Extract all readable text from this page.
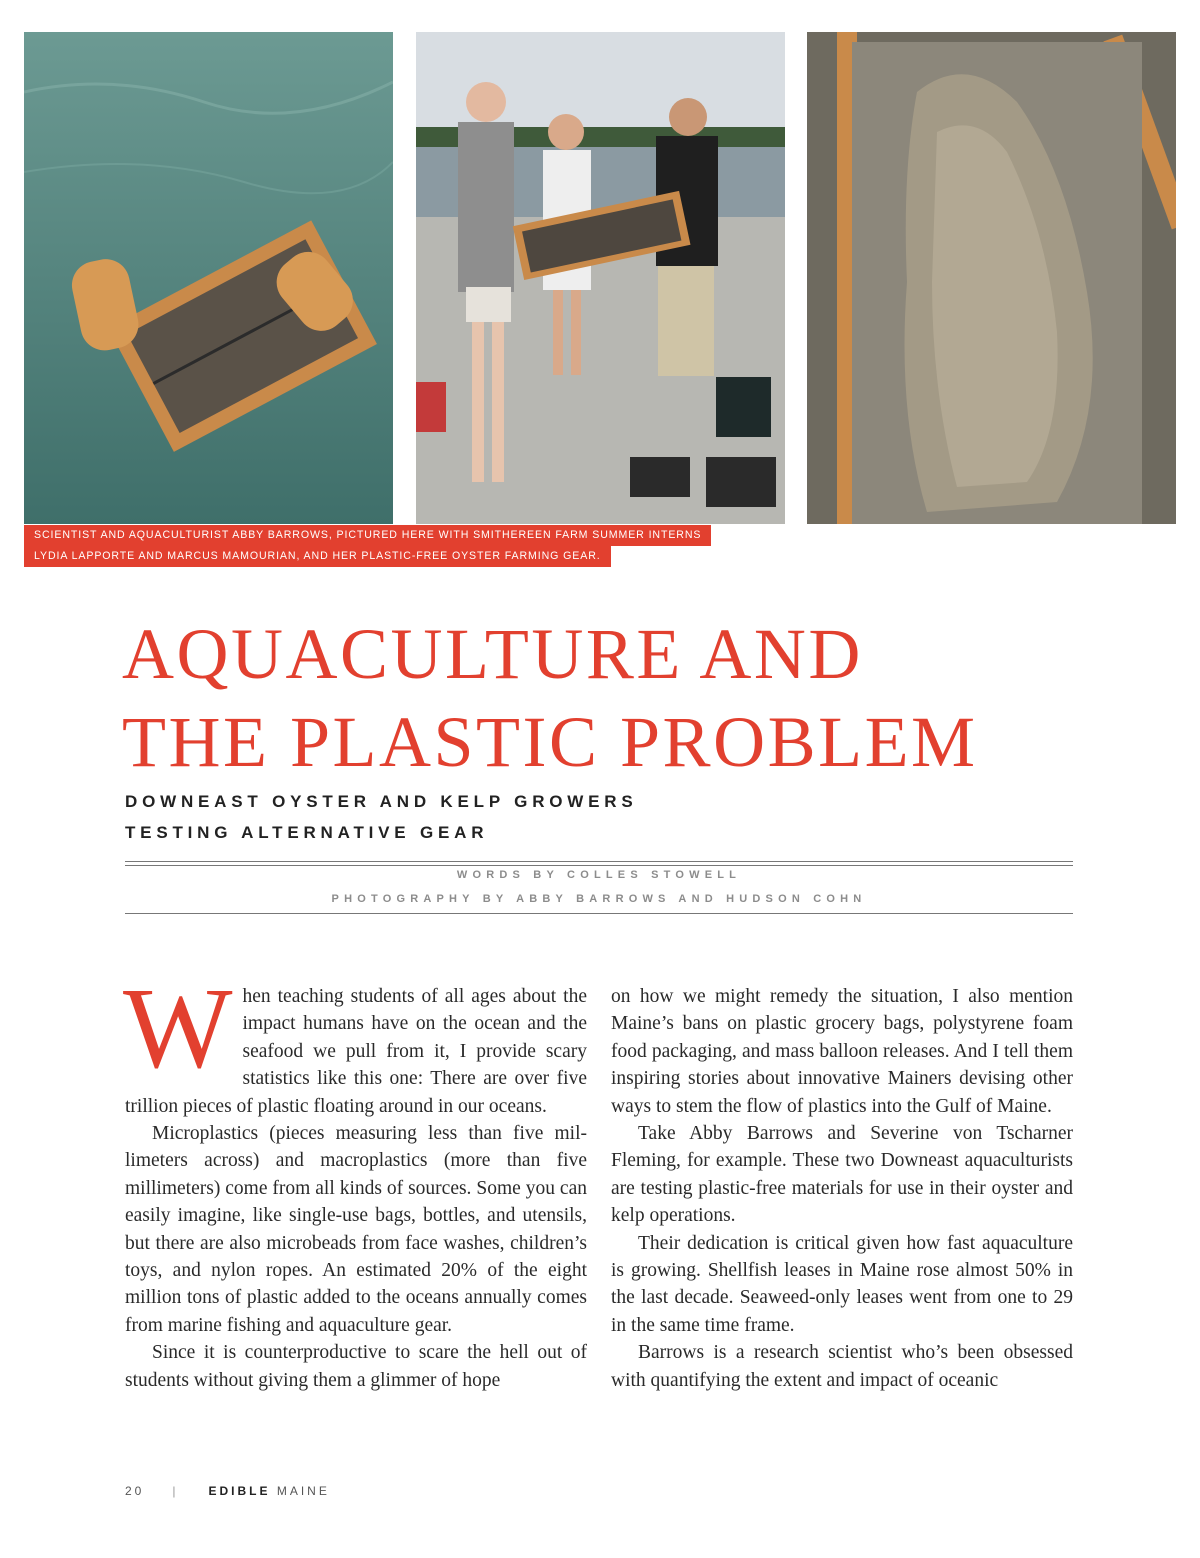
SCIENTIST AND AQUACULTURIST ABBY BARROWS, PICTURED HERE WITH SMITHEREEN FARM SUMMER INTERNS
LYDIA LAPPORTE AND MARCUS MAMOURIAN, AND HER PLASTIC-FREE OYSTER FARMING GEAR.
AQUACULTURE AND
THE PLASTIC PROBLEM
DOWNEAST OYSTER AND KELP GROWERS
TESTING ALTERNATIVE GEAR
WORDS BY COLLES STOWELL
PHOTOGRAPHY BY ABBY BARROWS AND HUDSON COHN

When teaching students of all ages about the impact humans have on the ocean and the seafood we pull from it, I provide scary statistics like this one: There are over five trillion pieces of plastic floating around in our oceans.

Microplastics (pieces measuring less than five millimeters across) and macroplastics (more than five millimeters) come from all kinds of sources. Some you can easily imagine, like single-use bags, bottles, and utensils, but there are also microbeads from face washes, children’s toys, and nylon ropes. An estimated 20% of the eight million tons of plastic added to the oceans annually comes from marine fishing and aquaculture gear.

Since it is counterproductive to scare the hell out of students without giving them a glimmer of hope

on how we might remedy the situation, I also mention Maine’s bans on plastic grocery bags, polystyrene foam food packaging, and mass balloon releases. And I tell them inspiring stories about innovative Mainers devising other ways to stem the flow of plastics into the Gulf of Maine.

Take Abby Barrows and Severine von Tscharner Fleming, for example. These two Downeast aquaculturists are testing plastic-free materials for use in their oyster and kelp operations.

Their dedication is critical given how fast aquaculture is growing. Shellfish leases in Maine rose almost 50% in the last decade. Seaweed-only leases went from one to 29 in the same time frame.

Barrows is a research scientist who’s been obsessed with quantifying the extent and impact of oceanic

20 |	EDIBLE MAINE
